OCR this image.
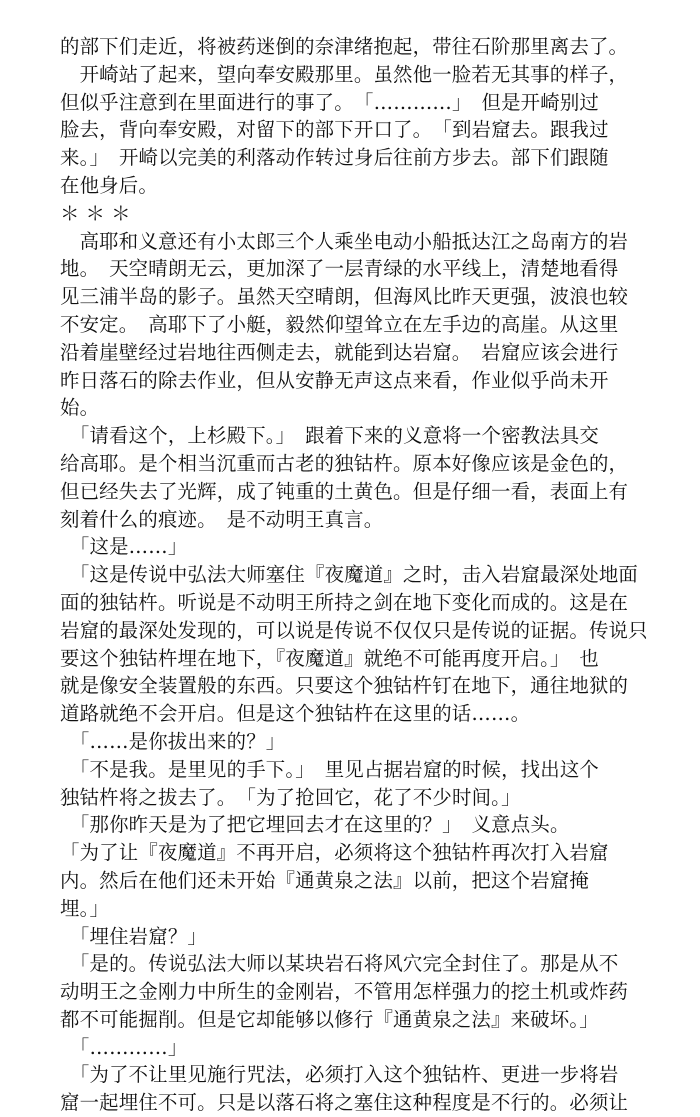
的部下们走近，将被药迷倒的奈津绪抱起，带往石阶那里离去了。
　开崎站了起来，望向奉安殿那里。虽然他一脸若无其事的样子，
但似乎注意到在里面进行的事了。　「…………」　但是开崎别过
脸去，背向奉安殿，对留下的部下开口了。　「到岩窟去。跟我过
来。」　开崎以完美的利落动作转过身后往前方步去。部下们跟随
在他身后。
＊ ＊ ＊
　高耶和义意还有小太郎三个人乘坐电动小船抵达江之岛南方的岩
地。　天空晴朗无云，更加深了一层青绿的水平线上，清楚地看得
见三浦半岛的影子。虽然天空晴朗，但海风比昨天更强，波浪也较
不安定。　高耶下了小艇，毅然仰望耸立在左手边的高崖。从这里
沿着崖壁经过岩地往西侧走去，就能到达岩窟。　岩窟应该会进行
昨日落石的除去作业，但从安静无声这点来看，作业似乎尚未开
始。
　「请看这个，上杉殿下。」　跟着下来的义意将一个密教法具交
给高耶。是个相当沉重而古老的独钴杵。原本好像应该是金色的，
但已经失去了光辉，成了钝重的土黄色。但是仔细一看，表面上有
刻着什么的痕迹。　是不动明王真言。
　「这是……」
　「这是传说中弘法大师塞住『夜魔道』之时，击入岩窟最深处地面
面的独钴杵。听说是不动明王所持之剑在地下变化而成的。这是在
岩窟的最深处发现的，可以说是传说不仅仅只是传说的证据。传说只
要这个独钴杵埋在地下，『夜魔道』就绝不可能再度开启。」　也
就是像安全装置般的东西。只要这个独钴杵钉在地下，通往地狱的
道路就绝不会开启。但是这个独钴杵在这里的话……。
　「……是你拔出来的？」
　「不是我。是里见的手下。」　里见占据岩窟的时候，找出这个
独钴杵将之拔去了。　「为了抢回它，花了不少时间。」
　「那你昨天是为了把它埋回去才在这里的？」　义意点头。
「为了让『夜魔道』不再开启，必须将这个独钴杵再次打入岩窟
内。然后在他们还未开始『通黄泉之法』以前，把这个岩窟掩
埋。」
　「埋住岩窟？」
　「是的。传说弘法大师以某块岩石将风穴完全封住了。那是从不
动明王之金刚力中所生的金刚岩，不管用怎样强力的挖土机或炸药
都不可能掘削。但是它却能够以修行『通黄泉之法』来破坏。」
　「…………」
　「为了不让里见施行咒法，必须打入这个独钴杵、更进一步将岩
窟一起埋住不可。只是以落石将之塞住这种程度是不行的。必须让
